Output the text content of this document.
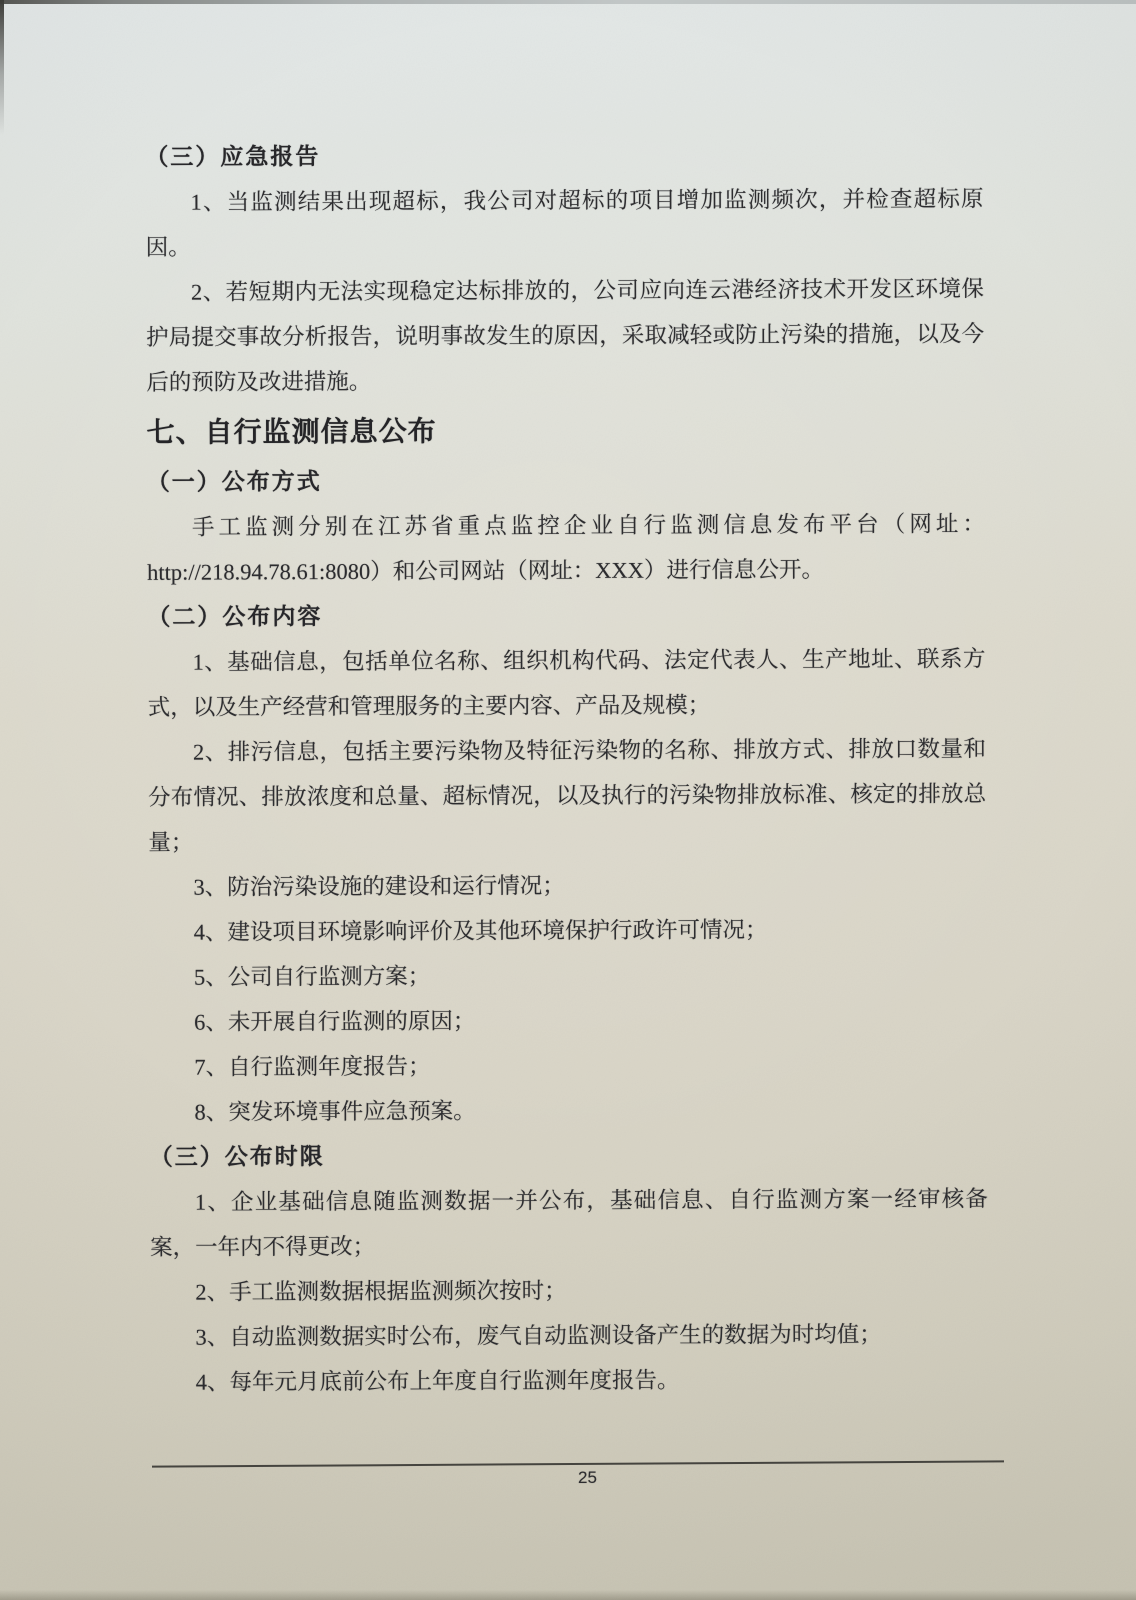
（三）应急报告

1、当监测结果出现超标，我公司对超标的项目增加监测频次，并检查超标原因。

2、若短期内无法实现稳定达标排放的，公司应向连云港经济技术开发区环境保护局提交事故分析报告，说明事故发生的原因，采取减轻或防止污染的措施，以及今后的预防及改进措施。

七、自行监测信息公布
（一）公布方式

手工监测分别在江苏省重点监控企业自行监测信息发布平台（网址：http://218.94.78.61:8080）和公司网站（网址：XXX）进行信息公开。

（二）公布内容

1、基础信息，包括单位名称、组织机构代码、法定代表人、生产地址、联系方式，以及生产经营和管理服务的主要内容、产品及规模；

2、排污信息，包括主要污染物及特征污染物的名称、排放方式、排放口数量和分布情况、排放浓度和总量、超标情况，以及执行的污染物排放标准、核定的排放总量；

3、防治污染设施的建设和运行情况；

4、建设项目环境影响评价及其他环境保护行政许可情况；

5、公司自行监测方案；

6、未开展自行监测的原因；

7、自行监测年度报告；

8、突发环境事件应急预案。

（三）公布时限

1、企业基础信息随监测数据一并公布，基础信息、自行监测方案一经审核备案，一年内不得更改；

2、手工监测数据根据监测频次按时；

3、自动监测数据实时公布，废气自动监测设备产生的数据为时均值；

4、每年元月底前公布上年度自行监测年度报告。

25
